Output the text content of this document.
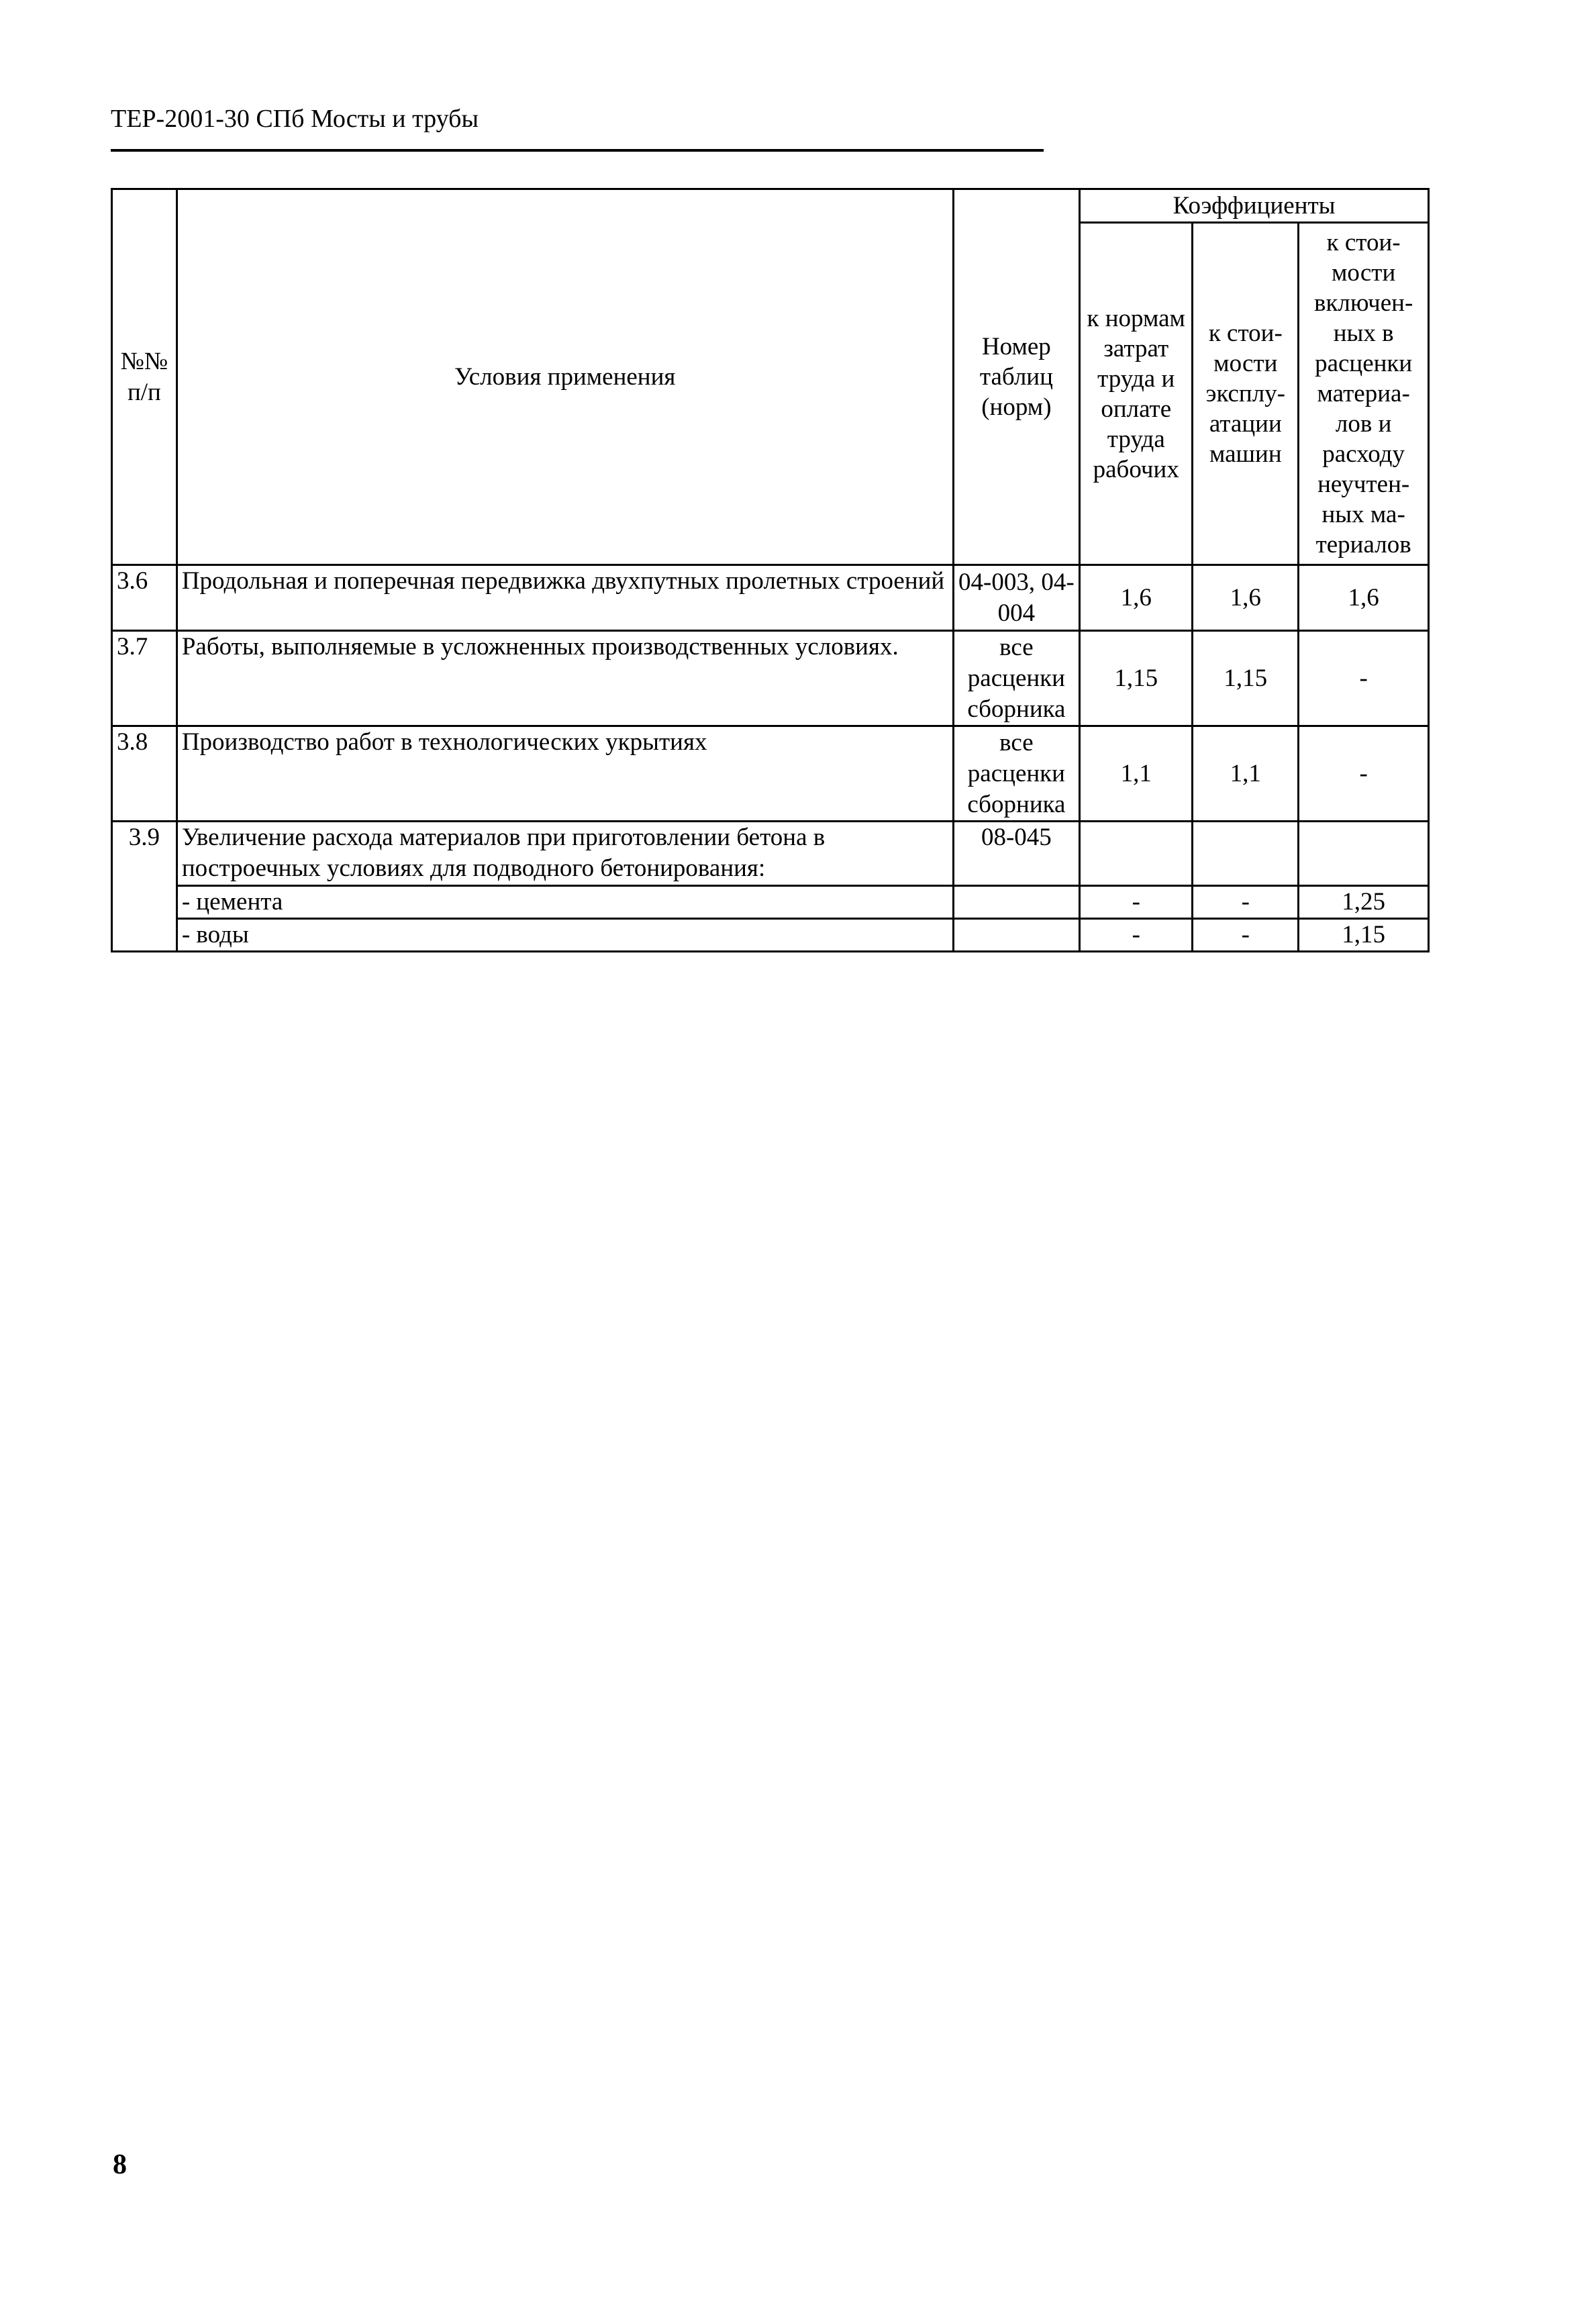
ТЕР-2001-30 СПб Мосты и трубы
№№ п/п	Условия применения	Номер таблиц (норм)	Коэффициенты		
			к нормам затрат труда и оплате труда рабочих	к стои- мости эксплу- атации машин	к стои- мости включен- ных в расценки материа- лов и расходу неучтен- ных ма- териалов
3.6	Продольная и поперечная передвижка двухпутных пролетных строений	04-003, 04-004	1,6	1,6	1,6
3.7	Работы, выполняемые в усложненных производственных условиях.	все расценки сборника	1,15	1,15	-
3.8	Производство работ в технологических укрытиях	все расценки сборника	1,1	1,1	-
3.9	Увеличение расхода материалов при приготовлении бетона в построечных условиях для подводного бетонирования:	08-045			
	- цемента		-	-	1,25
	- воды		-	-	1,15
8
